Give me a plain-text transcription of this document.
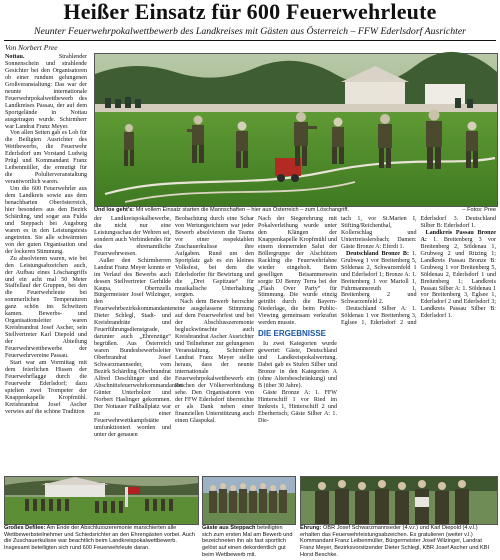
Heißer Einsatz für 600 Feuerwehrleute
Neunter Feuerwehrpokalwettbewerb des Landkreises mit Gästen aus Österreich – FFW Ederlsdorf Ausrichter
Von Norbert Pree

Nottau. Strahlender Sonnenschein und strahlende Gesichter bei den Organisatoren ob einer rundum gelungenen Großveranstaltung: Das war der neunte internationale Feuerwehrpokalwettbewerb des Landkreises Passau, der auf dem Sportgelände in Nottau ausgetragen wurde. Schirmherr war Landrat Franz Meyer.

Von allen Seiten gab es Lob für die Beiligten Ausrichter des Wettbewerbs, die Feuerwehr Ederlsdorf um Vorstand Ludwig Prügl und Kommandant Franz Leibenmüller, die ermutigt für die Polulierveranstaltung verantwortlich waren.

Um die 600 Feuerwehrler aus dem Landkreis sowie aus dem benachbarten Oberösterreich, hier besonders aus den Bezirk Schärding, und sogar aus Fulda und Steppach bei Augsburg waren es in den Leistungstests angetreten. Sie alle schwärmten von der guten Organisation und der lockeren Stimmung.

Zu absolvieren waren, wie bei den Leistungsabzeichen auch, der Aufbau eines Löschangriffs und ein acht mal 50 Meter Staffellauf der Gruppen, bei den die Feuerwehrleute bei sommerlichen Temperaturen ganz schön ins Schwitzen kamen. Bewerbs- und Organisationsleiter waren Kreisbrandrat Josef Ascher, sein Stellvertreter Karl Diepold und der Abteilung Feuerwehrwettbewerbe der Feuerwehrvereine Passau.

Start war am Vormittag mit dem feierlichen Hissen der Feuerwehrflagge durch die Feuerwehr Ederlsdorf; dazu spielten zwei Trompeter der Knappenkapelle Kropfmühl. Kreisbrandrat Josef Ascher verwies auf die schöne Tradition

Und los geht's: Mit vollem Einsatz starten die Mannschaften – hier aus Österreich – zum Löschangriff.	– Fotos: Pree

der Landkreispokalbewerbe, die nicht nur eine Leistungsschau der Wehren sei, sondern auch Verbindendes für das ehrenamtliche Feuerwehrwesen.

Außer den Schirmherren Landrat Franz Meyer konnte er im Verlauf des Bewerbs auch dessen Stellvertreter Gerhilde Kaupa, Obernzells Bürgermeister Josef Wilzinger, den Feuerwehrbezirkskommandanten Dieter Schlegl, Stadt- und Kreisbrandräte und Feuerführungsdienstgrade, darunter auch „Ehrenzüge“ begrüßen. Aus Österreich waren Bundesbewerbsleiter Oberbrandrat Josef Schwarzmannseder, vom Bezirk Schärding Oberbrandrat Alfred Deschlinger und die Abschnittsfeuerwehrkommandanten Günter Unterholzer und Norbert Haslinger gekommen. Der Nottauer Fußballplatz war zu einer Feuerwehrwettkampfstätte umfunktioniert worden und unter der genauen

Beobachtung durch eine Schar von Wertungsrichtern war jeder Bewerb absolvieren die Teams vor einer respektablen Zuschauerkulisse ihre Aufgaben. Rund um den Sportplatz gab es ein kleines Volksfest, bei dem die Ederlsdorfer für Bewirtung und die „Drei Gspitzate“ für musikalische Unterhaltung sorgten.

Nach dem Bewerb herrschte eine ausgelassene Stimmung auf dem Feuerwehrfest und bei der Abschlusszeremonie begluckwünschte auch Kreisbrandrat Ascher Ausrichter und Teilnehmer zur gelungenen Veranstaltung. Schirmherr Landrat Franz Meyer stellte heraus, dass der neunte internationale Feuerwehrpokalwettbewerb ein Zeichen der Völkerverbindung sehe. Den Organisatoren von der FFW Ederlsdorf überreichte er als Dank neben einer finanziellen Unterstützung auch einen Glaspokal.

Nach der Siegerehrung mit Pokalverleihung wurde unter den Klängen der Knappenkapelle Kropfmühl und einem donnernden Salut der Böllergruppe der Alschützen Rackling die Feuerwehrfahne wieder eingeholt. Beim geselligen Beisammensein sorgte DJ Benny Terra bei der „Flash Over Party“ für Stimmung. Die wurde einzig getrübt durch die Bayern-Niederlage, die beim Public-Viewing gemeinsam verkraftet werden musste.

DIE ERGEBNISSE

Iu zwei Kategorien wurde gewertet: Gäste, Deutschland und Landkreispokalwertung. Dabei gab es Stufen Silber und Bronze in den Kategorien A (ohne Altersbeschränkung) und B (über 30 Jahre).

Gäste Bronze A: 1. FFW Hinterschiff 1 vor Ried im Innkreis 1, Hinterschiff 2 und Eberhertsch; Gäste Silber A: 1. Die-

tach 1, vor St.Marien I, Stifting/Reichenthal, Kollerschlag und Untertreisslersbach; Damen: Gäste Bronze A: Eferdi 1.

Deutschland Bronze B: 1. Grubweg 1 vor Breitenberg 5, Söldenau 2, Schwarzenfeld 1 und Ederlsdorf 1; Bronze A: 1. Breitenberg 1 vor Marioll 1, Fuhrmannsreuth 1, Breitenberg 2 und Schwarzenfeld 2.

Deutschland Silber A: 1. Söldenau 1 vor Breitenberg 3, Eglsee 1, Ederlsdorf 2 und Ederlsdorf 3. Deutschland Silber B: Ederlsdorf 1.

Landkreis Passau Bronze A: 1. Breitenberg 3 vor Breitenberg 2, Söldenau 1, Grubweg 2 und Ritzing 1; Landkreis Passau Bronze B: Grubweg 1 vor Breitenberg 5, Söldenau 2, Ederlsdorf 1 und Breitenberg 1; Landkreis Passau Silber A: 1. Söldenau 1 vor Breitenberg 3, Eglsee 1, Ederlsdorf 2 und Ederlsdorf 3; Landkreis Passau Silber B: Ederlsdorf 1.

Großes Defilee: Am Ende der Abschlusszeremonie marschierten alle Wettbewerbsteilnehmer und Schiedsrichter an den Ehrengästen vorbei. Auch die Zuschauerkulisse war beachtlich beim Landkreispokalwettbewerb. Insgesamt beteiligten sich rund 600 Feuerwehrleute daran.
Gäste aus Steppach beteiligten sich zum ersten Mal am Bewerb und bezeichneten ihn als fast sportlich gelöst auf einen dekordentlich gut beim Wettbewerb mit.
Ehrung: OBR Josef Schwarzmannseder (4.v.r.) und Karl Diepold (4.v.l.) erhalten das Feuerwehrleistungsabzeichen. Es gratulieren (weiter v.l.) Kommandant Franz Leibenmüller, Bürgermeister Josef Wilzinger, Landrat Franz Meyer, Bezirksvorsitzender Dieter Schlegl, KBR Josef Ascher und KBI Horst Beschke.
